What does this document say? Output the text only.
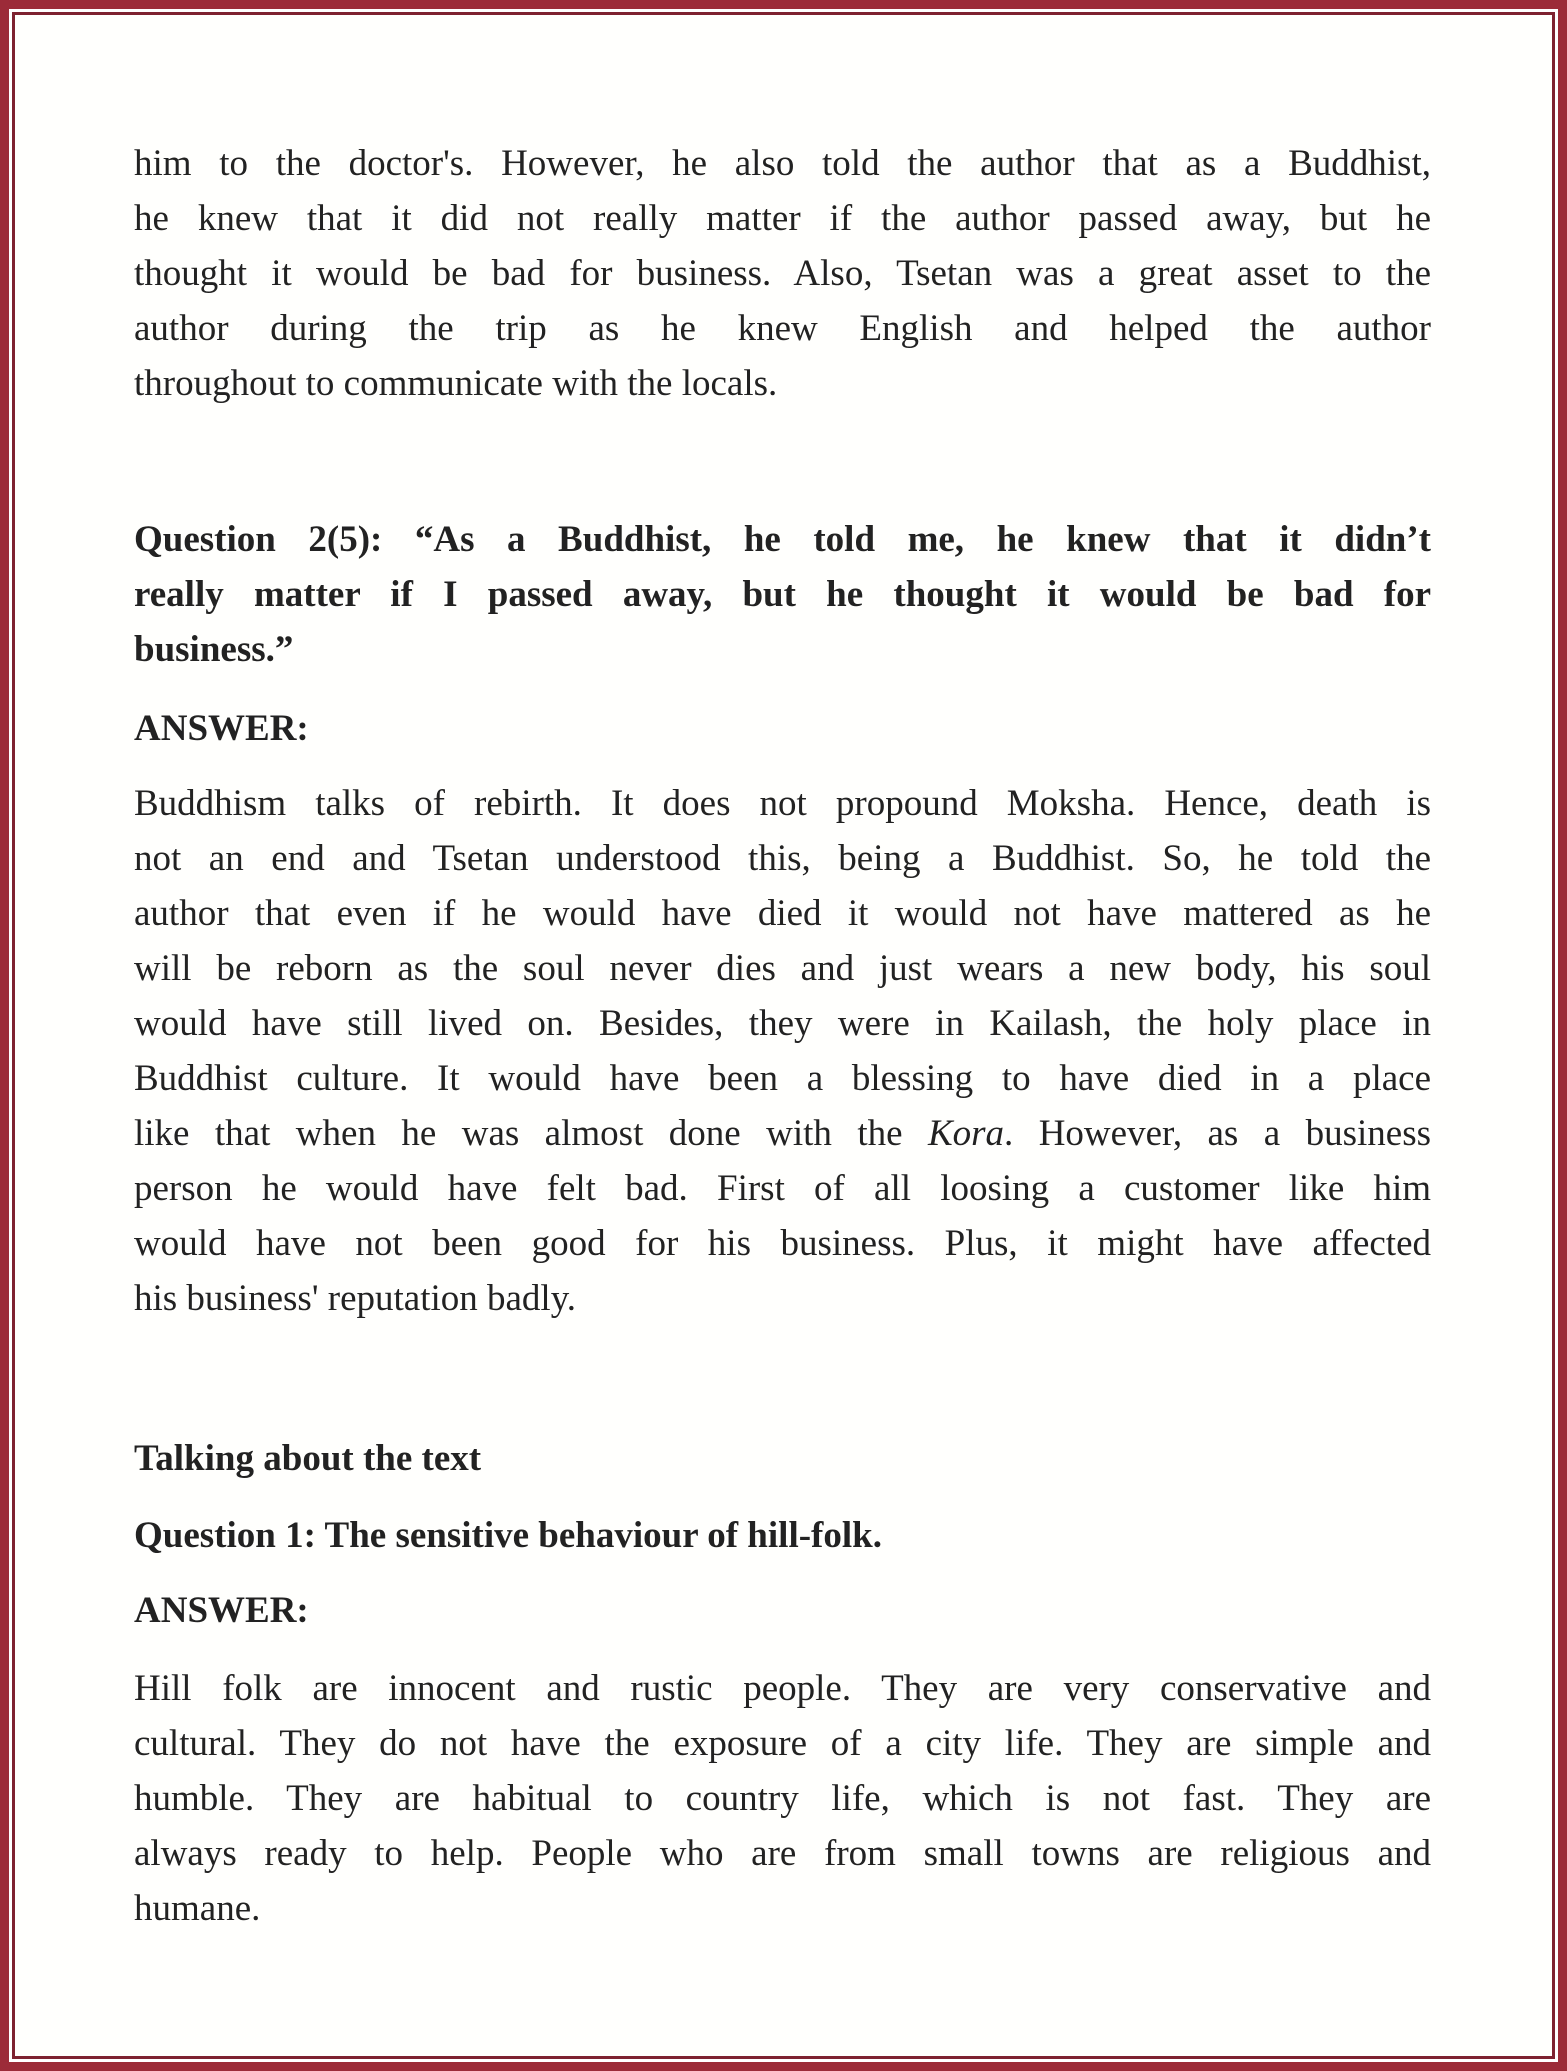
him to the doctor's. However, he also told the author that as a Buddhist,
he knew that it did not really matter if the author passed away, but he
thought it would be bad for business. Also, Tsetan was a great asset to the
author during the trip as he knew English and helped the author
throughout to communicate with the locals.
Question 2(5): “As a Buddhist, he told me, he knew that it didn’t
really matter if I passed away, but he thought it would be bad for
business.”
ANSWER:
Buddhism talks of rebirth. It does not propound Moksha. Hence, death is
not an end and Tsetan understood this, being a Buddhist. So, he told the
author that even if he would have died it would not have mattered as he
will be reborn as the soul never dies and just wears a new body, his soul
would have still lived on. Besides, they were in Kailash, the holy place in
Buddhist culture. It would have been a blessing to have died in a place
like that when he was almost done with the Kora. However, as a business
person he would have felt bad. First of all loosing a customer like him
would have not been good for his business. Plus, it might have affected
his business' reputation badly.
Talking about the text
Question 1: The sensitive behaviour of hill-folk.
ANSWER:
Hill folk are innocent and rustic people. They are very conservative and
cultural. They do not have the exposure of a city life. They are simple and
humble. They are habitual to country life, which is not fast. They are
always ready to help. People who are from small towns are religious and
humane.
